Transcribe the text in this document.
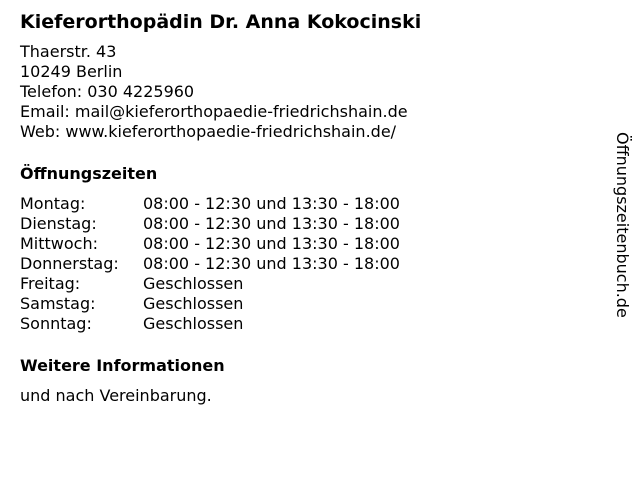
Kieferorthopädin Dr. Anna Kokocinski
Thaerstr. 43
10249 Berlin
Telefon: 030 4225960
Email: mail@kieferorthopaedie-friedrichshain.de
Web: www.kieferorthopaedie-friedrichshain.de/
Öffnungszeiten
Montag:	08:00 - 12:30 und 13:30 - 18:00
Dienstag:	08:00 - 12:30 und 13:30 - 18:00
Mittwoch:	08:00 - 12:30 und 13:30 - 18:00
Donnerstag:	08:00 - 12:30 und 13:30 - 18:00
Freitag:	Geschlossen
Samstag:	Geschlossen
Sonntag:	Geschlossen
Weitere Informationen
und nach Vereinbarung.
Öffnungszeitenbuch.de
